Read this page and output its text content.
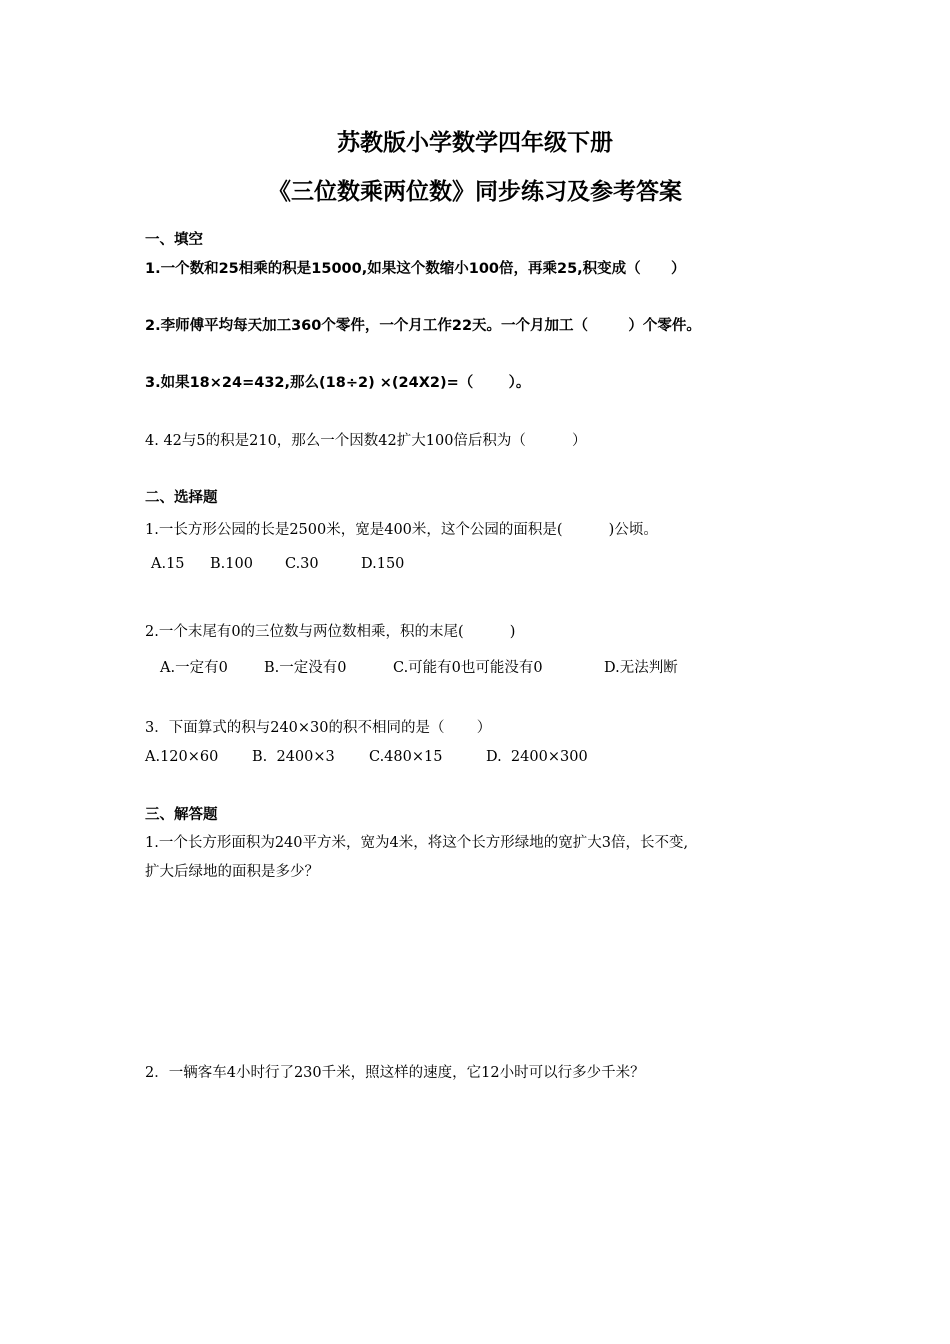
苏教版小学数学四年级下册
《三位数乘两位数》同步练习及参考答案
一、填空
1.一个数和25相乘的积是15000,如果这个数缩小100倍，再乘25,积变成（      ）
2.李师傅平均每天加工360个零件，一个月工作22天。一个月加工（        ）个零件。
3.如果18×24=432,那么(18÷2) ×(24X2)=（       ）。
4. 42与5的积是210，那么一个因数42扩大100倍后积为（          ）
二、选择题
1.一长方形公园的长是2500米，宽是400米，这个公园的面积是(          )公顷。
A.15 B.100 C.30	D.150
2.一个末尾有0的三位数与两位数相乘，积的末尾(          )
A.一定有0 B.一定没有0	C.可能有0也可能没有0	D.无法判断
3．下面算式的积与240×30的积不相同的是（       ）
A.120×60 B.  2400×3 C.480×15	D.  2400×300
三、解答题
1.一个长方形面积为240平方米，宽为4米，将这个长方形绿地的宽扩大3倍，长不变,
扩大后绿地的面积是多少？
2．一辆客车4小时行了230千米，照这样的速度，它12小时可以行多少千米？
